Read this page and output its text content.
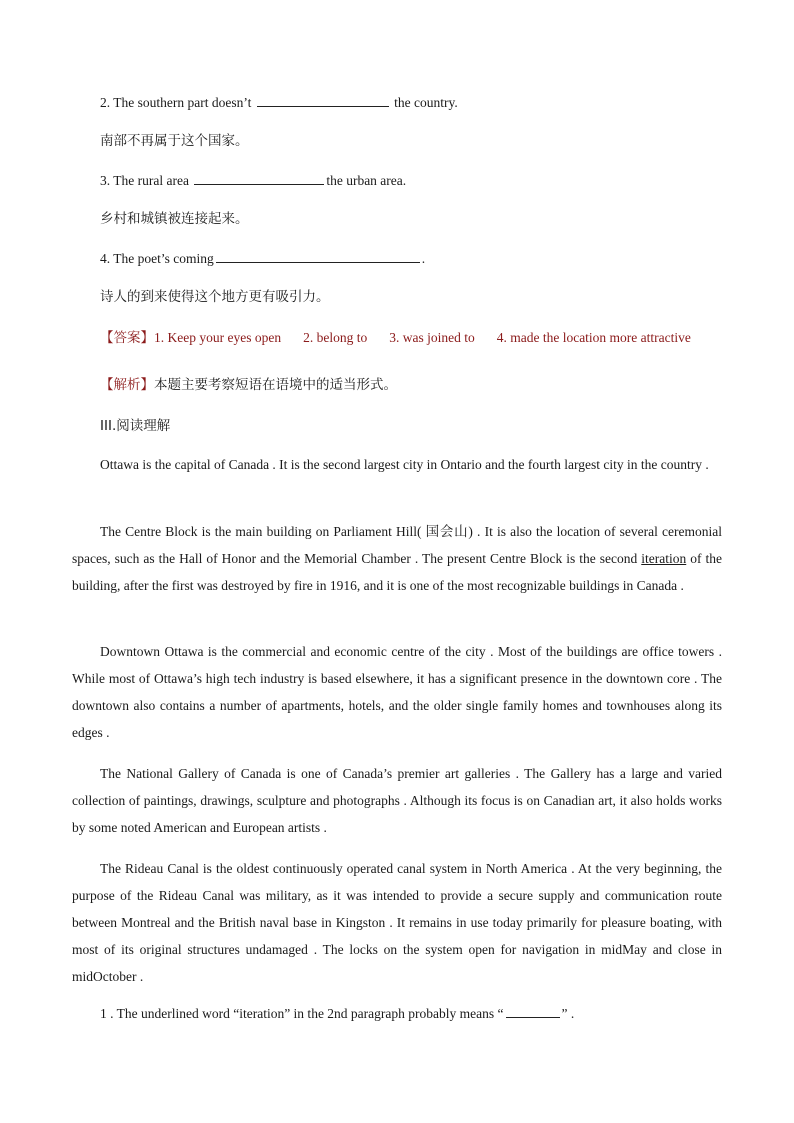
2. The southern part doesn’t	the country.
南部不再属于这个国家。
3. The rural area	the urban area.
乡村和城镇被连接起来。
4. The poet’s coming	.
诗人的到来使得这个地方更有吸引力。
【答案】1. Keep your eyes open 2. belong to 3. was joined to 4. made the location more attractive
【解析】本题主要考察短语在语境中的适当形式。
III.阅读理解

Ottawa is the capital of Canada . It is the second largest city in Ontario and the fourth largest city in the country .

The Centre Block is the main building on Parliament Hill( 国会山) . It is also the location of several ceremonial spaces, such as the Hall of Honor and the Memorial Chamber . The present Centre Block is the second iteration of the building, after the first was destroyed by fire in 1916, and it is one of the most recognizable buildings in Canada .

Downtown Ottawa is the commercial and economic centre of the city . Most of the buildings are office towers . While most of Ottawa’s high tech industry is based elsewhere, it has a significant presence in the downtown core . The downtown also contains a number of apartments, hotels, and the older single family homes and townhouses along its edges .

The National Gallery of Canada is one of Canada’s premier art galleries . The Gallery has a large and varied collection of paintings, drawings, sculpture and photographs . Although its focus is on Canadian art, it also holds works by some noted American and European artists .

The Rideau Canal is the oldest continuously operated canal system in North America . At the very beginning, the purpose of the Rideau Canal was military, as it was intended to provide a secure supply and communication route between Montreal and the British naval base in Kingston . It remains in use today primarily for pleasure boating, with most of its original structures undamaged . The locks on the system open for navigation in midMay and close in midOctober .

1 . The underlined word “iteration” in the 2nd paragraph probably means “	” .
